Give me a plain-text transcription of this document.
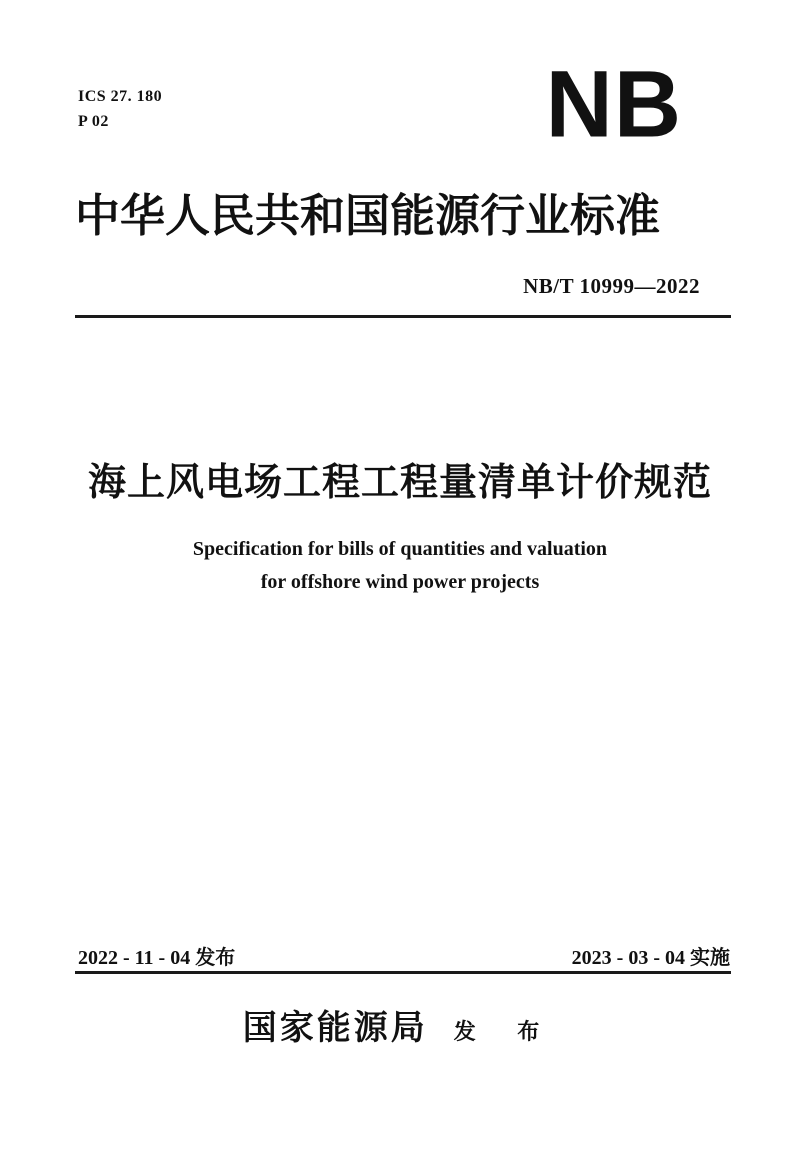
ICS 27. 180
P 02	NB
中华人民共和国能源行业标准
NB/T 10999—2022
海上风电场工程工程量清单计价规范
Specification for bills of quantities and valuation
for offshore wind power projects
2022 - 11 - 04 发布	2023 - 03 - 04 实施
国家能源局 发 布
